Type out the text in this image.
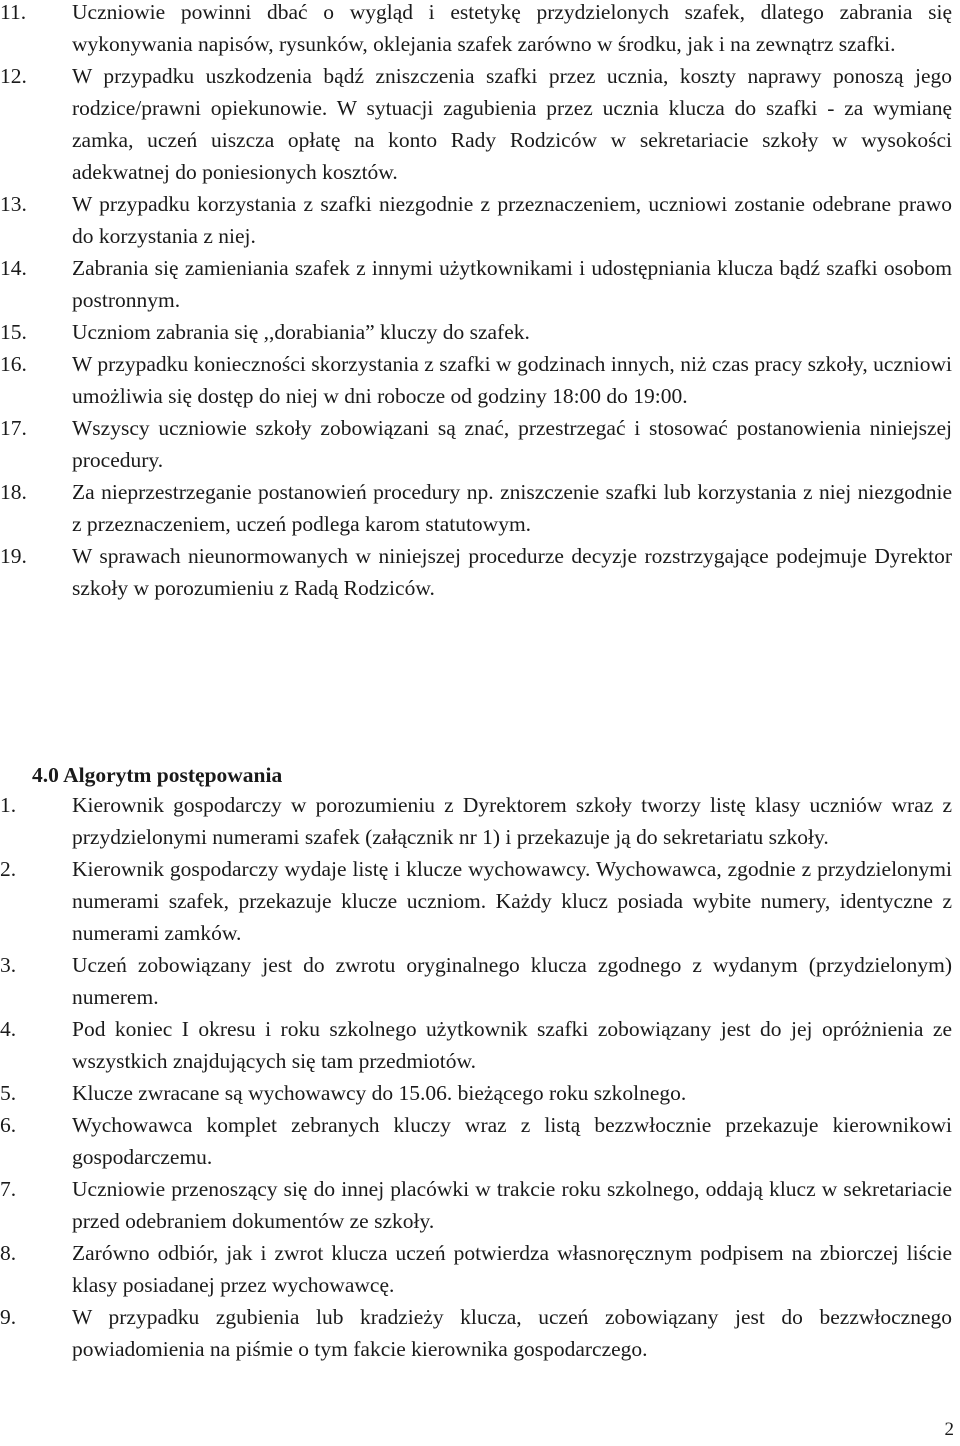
11.	Uczniowie powinni dbać o wygląd i estetykę przydzielonych szafek, dlatego zabrania się wykonywania napisów, rysunków, oklejania szafek zarówno w środku, jak i na zewnątrz szafki.
12.	W przypadku uszkodzenia bądź zniszczenia szafki przez ucznia, koszty naprawy ponoszą jego rodzice/prawni opiekunowie. W sytuacji zagubienia przez ucznia klucza do szafki - za wymianę zamka, uczeń uiszcza opłatę na konto Rady Rodziców w sekretariacie szkoły w wysokości adekwatnej do poniesionych kosztów.
13.	W przypadku korzystania z szafki niezgodnie z przeznaczeniem, uczniowi zostanie odebrane prawo do korzystania z niej.
14.	Zabrania się zamieniania szafek z innymi użytkownikami i udostępniania klucza bądź szafki osobom postronnym.
15.	Uczniom zabrania się ,,dorabiania” kluczy do szafek.
16.	W przypadku konieczności skorzystania z szafki w godzinach innych, niż czas pracy szkoły, uczniowi umożliwia się dostęp do niej w dni robocze od godziny 18:00 do 19:00.
17.	Wszyscy uczniowie szkoły zobowiązani są znać, przestrzegać i stosować postanowienia niniejszej procedury.
18.	Za nieprzestrzeganie postanowień procedury np. zniszczenie szafki lub korzystania z niej niezgodnie z przeznaczeniem, uczeń podlega karom statutowym.
19.	W sprawach nieunormowanych w niniejszej procedurze decyzje rozstrzygające podejmuje Dyrektor szkoły w porozumieniu z Radą Rodziców.
4.0 Algorytm postępowania
1.	Kierownik gospodarczy w porozumieniu z Dyrektorem szkoły tworzy listę klasy uczniów wraz z przydzielonymi numerami szafek (załącznik nr 1) i przekazuje ją do sekretariatu szkoły.
2.	Kierownik gospodarczy wydaje listę i klucze wychowawcy. Wychowawca, zgodnie z przydzielonymi numerami szafek, przekazuje klucze uczniom. Każdy klucz posiada wybite numery, identyczne z numerami zamków.
3.	Uczeń zobowiązany jest do zwrotu oryginalnego klucza zgodnego z wydanym (przydzielonym) numerem.
4.	Pod koniec I okresu i roku szkolnego użytkownik szafki zobowiązany jest do jej opróżnienia ze wszystkich znajdujących się tam przedmiotów.
5.	Klucze zwracane są wychowawcy do 15.06. bieżącego roku szkolnego.
6.	Wychowawca komplet zebranych kluczy wraz z listą bezzwłocznie przekazuje kierownikowi gospodarczemu.
7.	Uczniowie przenoszący się do innej placówki w trakcie roku szkolnego, oddają klucz w sekretariacie przed odebraniem dokumentów ze szkoły.
8.	Zarówno odbiór, jak i zwrot klucza uczeń potwierdza własnoręcznym podpisem na zbiorczej liście klasy posiadanej przez wychowawcę.
9.	W przypadku zgubienia lub kradzieży klucza, uczeń zobowiązany jest do bezzwłocznego powiadomienia na piśmie o tym fakcie kierownika gospodarczego.
2
